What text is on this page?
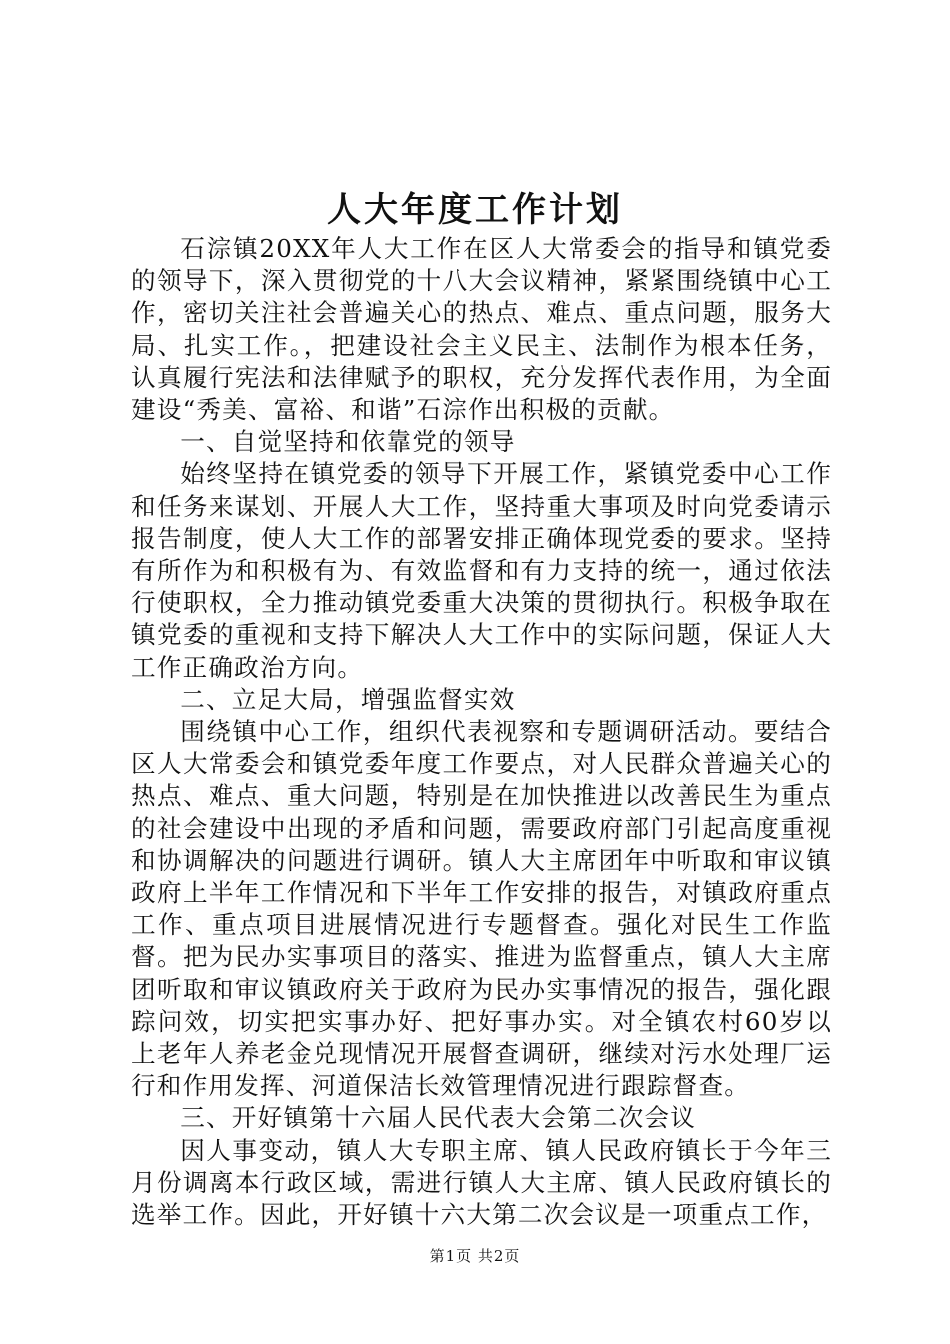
人大年度工作计划

石淙镇20XX年人大工作在区人大常委会的指导和镇党委的领导下，深入贯彻党的十八大会议精神，紧紧围绕镇中心工作，密切关注社会普遍关心的热点、难点、重点问题，服务大局、扎实工作。，把建设社会主义民主、法制作为根本任务，认真履行宪法和法律赋予的职权，充分发挥代表作用，为全面建设“秀美、富裕、和谐”石淙作出积极的贡献。

一、自觉坚持和依靠党的领导

始终坚持在镇党委的领导下开展工作，紧镇党委中心工作和任务来谋划、开展人大工作，坚持重大事项及时向党委请示报告制度，使人大工作的部署安排正确体现党委的要求。坚持有所作为和积极有为、有效监督和有力支持的统一，通过依法行使职权，全力推动镇党委重大决策的贯彻执行。积极争取在镇党委的重视和支持下解决人大工作中的实际问题，保证人大工作正确政治方向。

二、立足大局，增强监督实效

围绕镇中心工作，组织代表视察和专题调研活动。要结合区人大常委会和镇党委年度工作要点，对人民群众普遍关心的热点、难点、重大问题，特别是在加快推进以改善民生为重点的社会建设中出现的矛盾和问题，需要政府部门引起高度重视和协调解决的问题进行调研。镇人大主席团年中听取和审议镇政府上半年工作情况和下半年工作安排的报告，对镇政府重点工作、重点项目进展情况进行专题督查。强化对民生工作监督。把为民办实事项目的落实、推进为监督重点，镇人大主席团听取和审议镇政府关于政府为民办实事情况的报告，强化跟踪问效，切实把实事办好、把好事办实。对全镇农村60岁以上老年人养老金兑现情况开展督查调研，继续对污水处理厂运行和作用发挥、河道保洁长效管理情况进行跟踪督查。

三、开好镇第十六届人民代表大会第二次会议

因人事变动，镇人大专职主席、镇人民政府镇长于今年三月份调离本行政区域，需进行镇人大主席、镇人民政府镇长的选举工作。因此，开好镇十六大第二次会议是一项重点工作，

第1页 共2页
